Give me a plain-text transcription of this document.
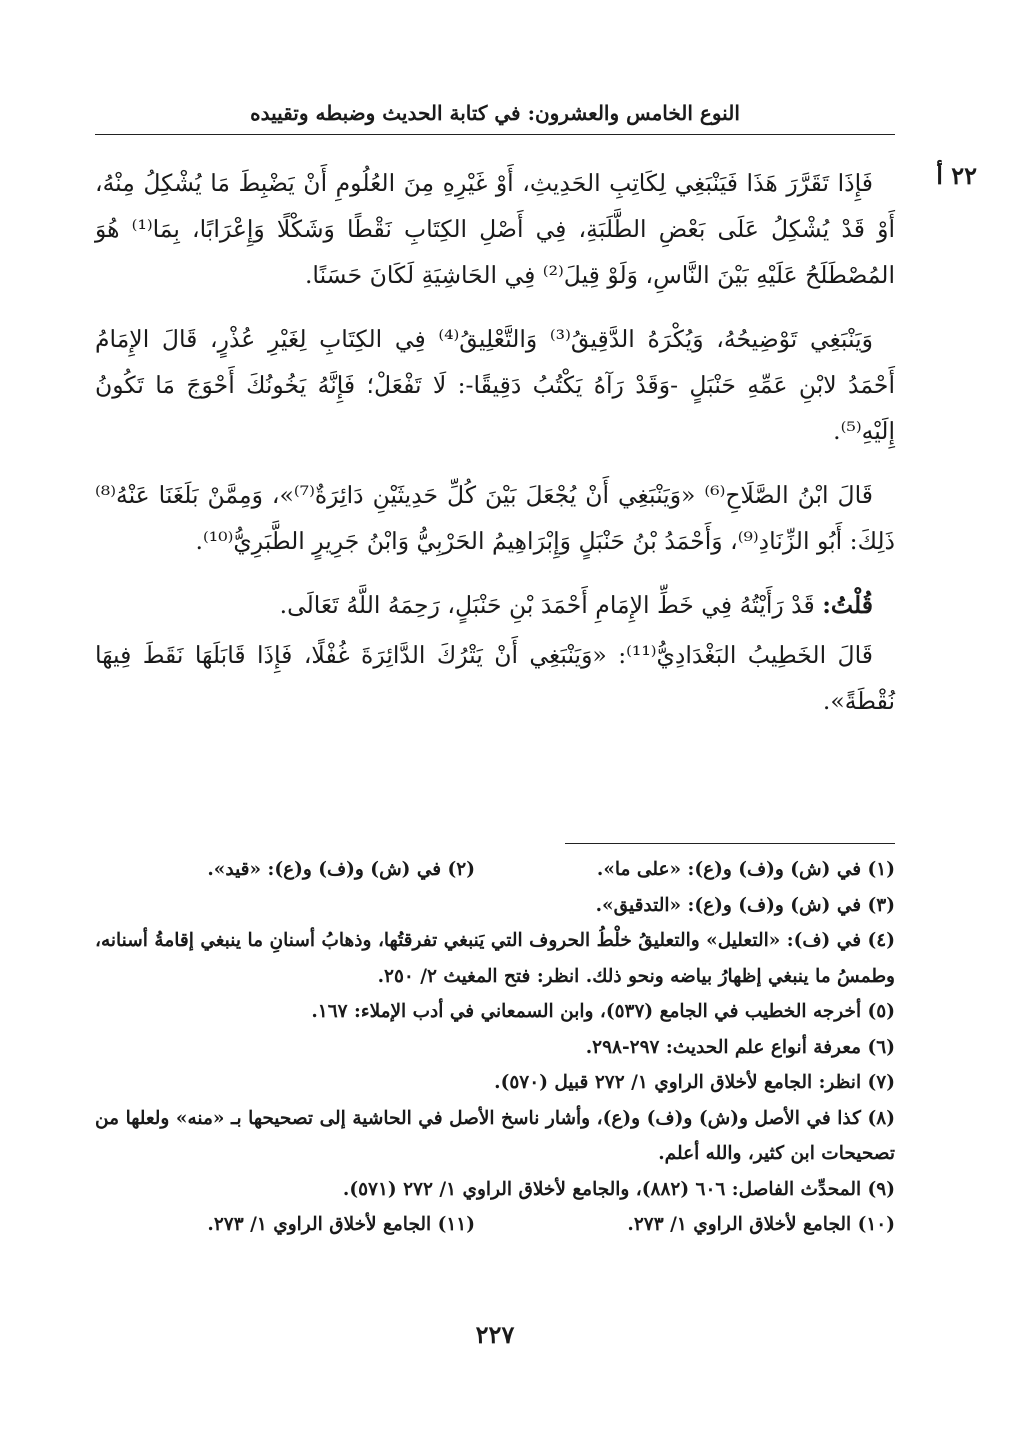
النوع الخامس والعشرون: في كتابة الحديث وضبطه وتقييده
٢٢ أ

فَإِذَا تَقَرَّرَ هَذَا فَيَنْبَغِي لِكَاتِبِ الحَدِيثِ، أَوْ غَيْرِهِ مِنَ العُلُومِ أَنْ يَضْبِطَ مَا يُشْكِلُ مِنْهُ، أَوْ قَدْ يُشْكِلُ عَلَى بَعْضِ الطَّلَبَةِ، فِي أَصْلِ الكِتَابِ نَقْطًا وَشَكْلًا وَإِعْرَابًا، بِمَا⁽¹⁾ هُوَ المُصْطَلَحُ عَلَيْهِ بَيْنَ النَّاسِ، وَلَوْ قِيلَ⁽²⁾ فِي الحَاشِيَةِ لَكَانَ حَسَنًا.

وَيَنْبَغِي تَوْضِيحُهُ، وَيُكْرَهُ الدَّقِيقُ⁽³⁾ وَالتَّعْلِيقُ⁽⁴⁾ فِي الكِتَابِ لِغَيْرِ عُذْرٍ، قَالَ الإِمَامُ أَحْمَدُ لابْنِ عَمِّهِ حَنْبَلٍ -وَقَدْ رَآهُ يَكْتُبُ دَقِيقًا-: لَا تَفْعَلْ؛ فَإِنَّهُ يَخُونُكَ أَحْوَجَ مَا تَكُونُ إِلَيْهِ⁽⁵⁾.

قَالَ ابْنُ الصَّلَاحِ⁽⁶⁾ «وَيَنْبَغِي أَنْ يُجْعَلَ بَيْنَ كُلِّ حَدِيثَيْنِ دَائِرَةٌ⁽⁷⁾»، وَمِمَّنْ بَلَغَنَا عَنْهُ⁽⁸⁾ ذَلِكَ: أَبُو الزِّنَادِ⁽⁹⁾، وَأَحْمَدُ بْنُ حَنْبَلٍ وَإِبْرَاهِيمُ الحَرْبِيُّ وَابْنُ جَرِيرٍ الطَّبَرِيُّ⁽¹⁰⁾.

قُلْتُ: قَدْ رَأَيْتُهُ فِي خَطِّ الإِمَامِ أَحْمَدَ بْنِ حَنْبَلٍ، رَحِمَهُ اللَّهُ تَعَالَى.

قَالَ الخَطِيبُ البَغْدَادِيُّ⁽¹¹⁾: «وَيَنْبَغِي أَنْ يَتْرُكَ الدَّائِرَةَ غُفْلًا، فَإِذَا قَابَلَهَا نَقَطَ فِيهَا نُقْطَةً».

(١) في (ش) و(ف) و(ع): «على ما».

(٢) في (ش) و(ف) و(ع): «قيد».

(٣) في (ش) و(ف) و(ع): «التدقيق».

(٤) في (ف): «التعليل» والتعليقُ خلْطُ الحروف التي يَنبغي تفرقتُها، وذهابُ أسنانِ ما ينبغي إقامةُ أسنانه، وطمسُ ما ينبغي إظهارُ بياضه ونحو ذلك. انظر: فتح المغيث ٢/ ٢٥٠.

(٥) أخرجه الخطيب في الجامع (٥٣٧)، وابن السمعاني في أدب الإملاء: ١٦٧.

(٦) معرفة أنواع علم الحديث: ٢٩٧-٢٩٨.

(٧) انظر: الجامع لأخلاق الراوي ١/ ٢٧٢ قبيل (٥٧٠).

(٨) كذا في الأصل و(ش) و(ف) و(ع)، وأشار ناسخ الأصل في الحاشية إلى تصحيحها بـ «منه» ولعلها من تصحيحات ابن كثير، والله أعلم.

(٩) المحدِّث الفاصل: ٦٠٦ (٨٨٢)، والجامع لأخلاق الراوي ١/ ٢٧٢ (٥٧١).

(١٠) الجامع لأخلاق الراوي ١/ ٢٧٣.

(١١) الجامع لأخلاق الراوي ١/ ٢٧٣.

٢٢٧
